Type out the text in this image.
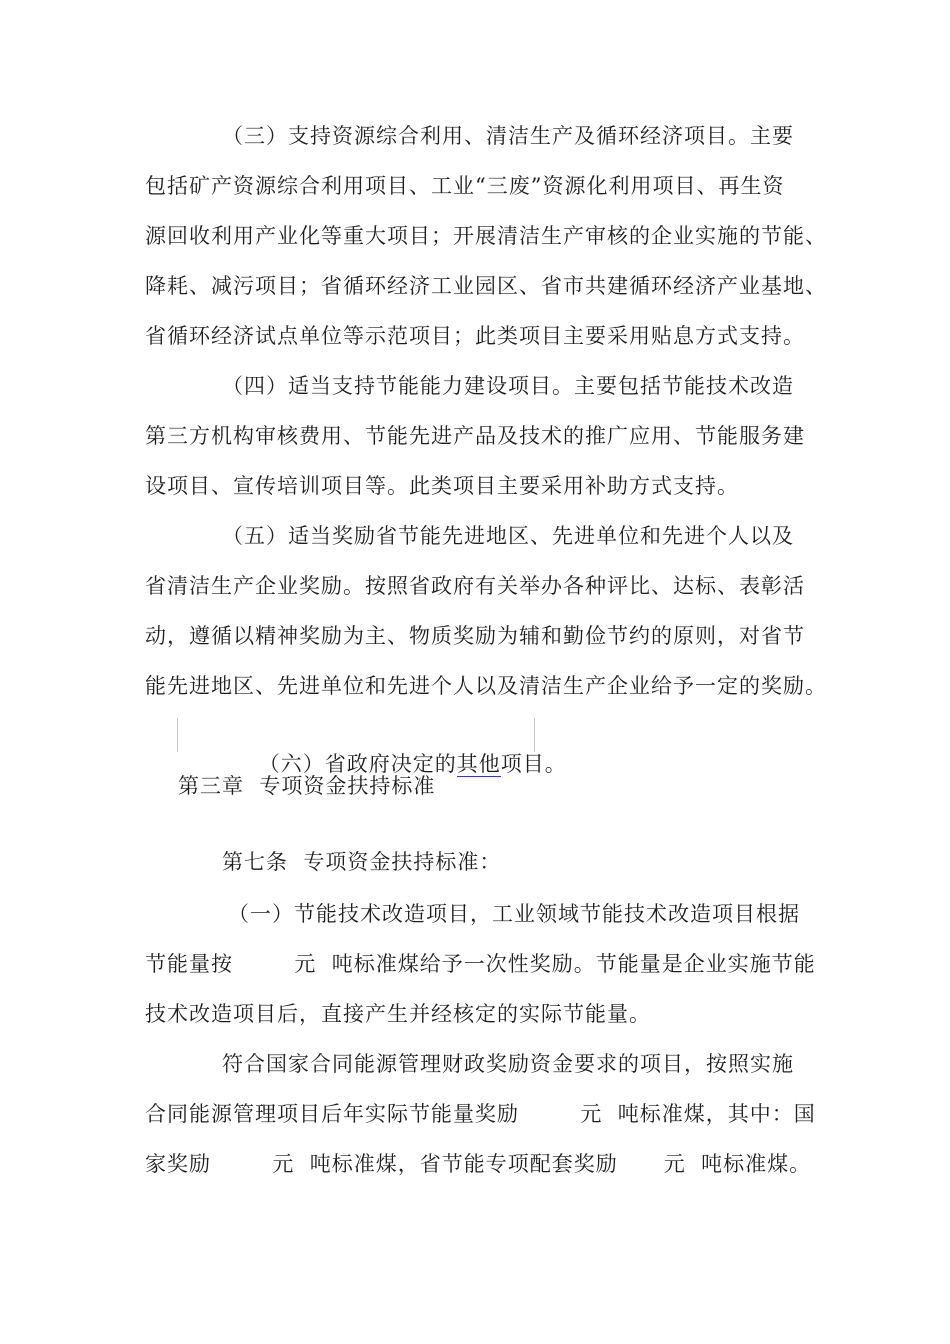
（三）支持资源综合利用、清洁生产及循环经济项目。主要
包括矿产资源综合利用项目、工业“三废”资源化利用项目、再生资
源回收利用产业化等重大项目；开展清洁生产审核的企业实施的节能、
降耗、减污项目；省循环经济工业园区、省市共建循环经济产业基地、
省循环经济试点单位等示范项目；此类项目主要采用贴息方式支持。
（四）适当支持节能能力建设项目。主要包括节能技术改造
第三方机构审核费用、节能先进产品及技术的推广应用、节能服务建
设项目、宣传培训项目等。此类项目主要采用补助方式支持。
（五）适当奖励省节能先进地区、先进单位和先进个人以及
省清洁生产企业奖励。按照省政府有关举办各种评比、达标、表彰活
动，遵循以精神奖励为主、物质奖励为辅和勤俭节约的原则，对省节
能先进地区、先进单位和先进个人以及清洁生产企业给予一定的奖励。

（六）省政府决定的其他项目。

第三章  专项资金扶持标准
第七条  专项资金扶持标准：
（一）节能技术改造项目，工业领域节能技术改造项目根据
节能量按        元  吨标准煤给予一次性奖励。节能量是企业实施节能
技术改造项目后，直接产生并经核定的实际节能量。
符合国家合同能源管理财政奖励资金要求的项目，按照实施
合同能源管理项目后年实际节能量奖励        元  吨标准煤，其中：国
家奖励        元  吨标准煤，省节能专项配套奖励      元  吨标准煤。
